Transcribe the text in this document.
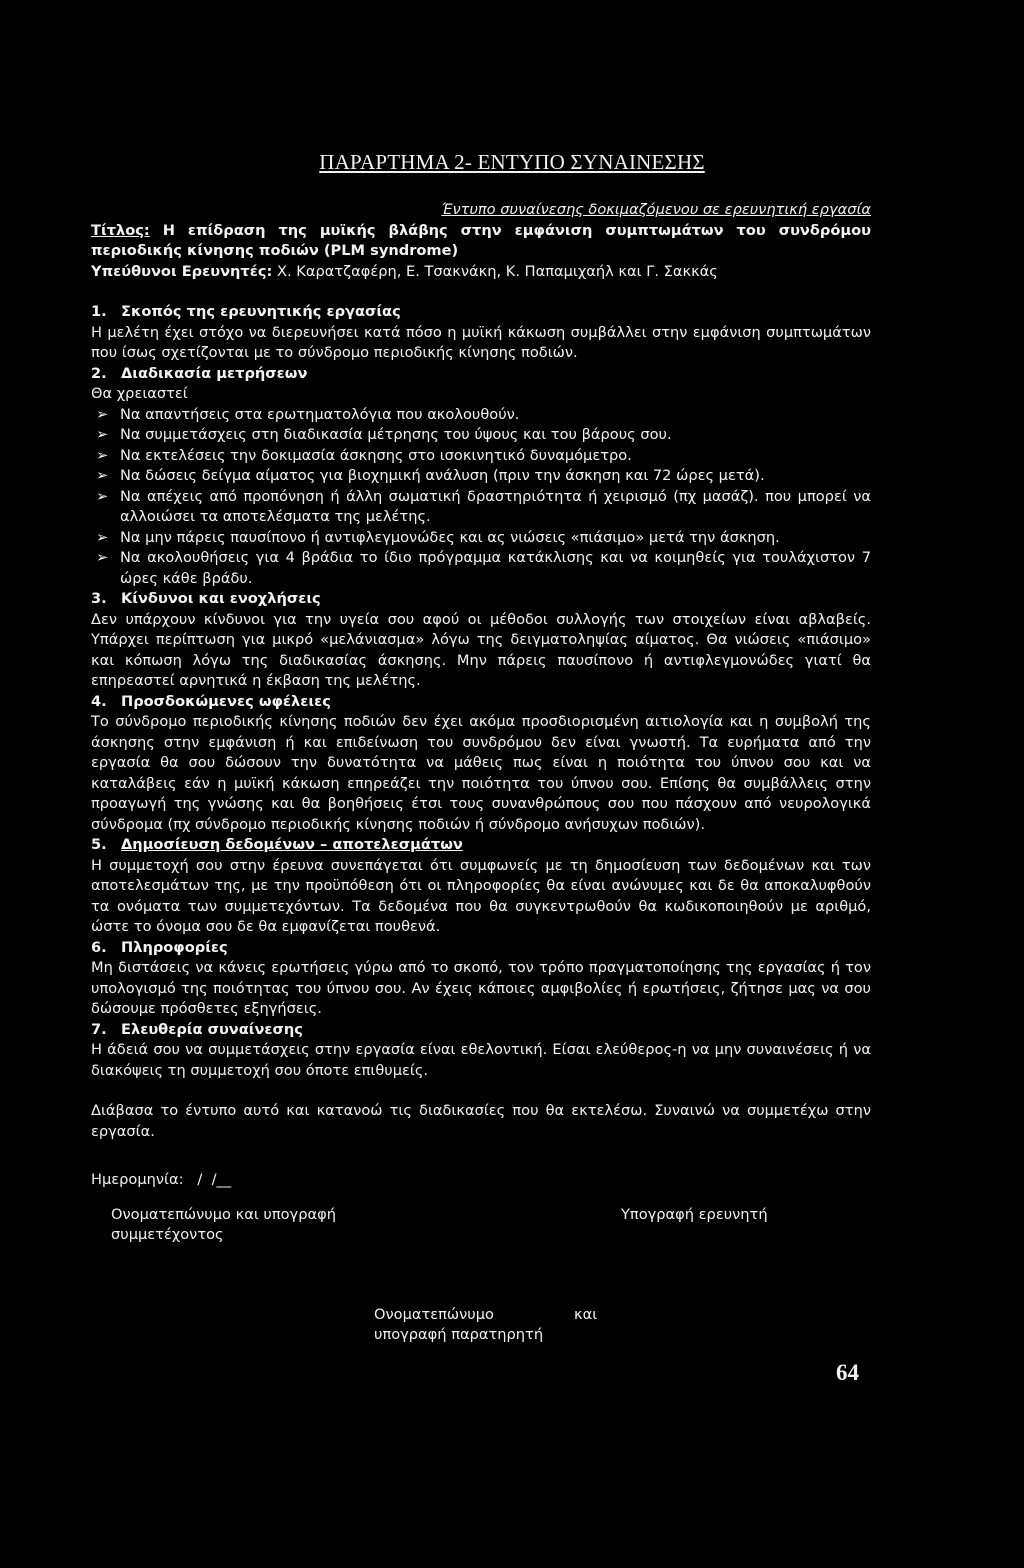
ΠΑΡΑΡΤΗΜΑ 2- ΕΝΤΥΠΟ ΣΥΝΑΙΝΕΣΗΣ

Έντυπο συναίνεσης δοκιμαζόμενου σε ερευνητική εργασία

Τίτλος: Η επίδραση της μυϊκής βλάβης στην εμφάνιση συμπτωμάτων του συνδρόμου περιοδικής κίνησης ποδιών (PLM syndrome)

Υπεύθυνοι Ερευνητές: Χ. Καρατζαφέρη, Ε. Τσακνάκη, Κ. Παπαμιχαήλ και Γ. Σακκάς

1. Σκοπός της ερευνητικής εργασίας

Η μελέτη έχει στόχο να διερευνήσει κατά πόσο η μυϊκή κάκωση συμβάλλει στην εμφάνιση συμπτωμάτων που ίσως σχετίζονται με το σύνδρομο περιοδικής κίνησης ποδιών.

2. Διαδικασία μετρήσεων

Θα χρειαστεί

➢ Να απαντήσεις στα ερωτηματολόγια που ακολουθούν.
➢ Να συμμετάσχεις στη διαδικασία μέτρησης του ύψους και του βάρους σου.
➢ Να εκτελέσεις την δοκιμασία άσκησης στο ισοκινητικό δυναμόμετρο.
➢ Να δώσεις δείγμα αίματος για βιοχημική ανάλυση (πριν την άσκηση και 72 ώρες μετά).
➢ Να απέχεις από προπόνηση ή άλλη σωματική δραστηριότητα ή χειρισμό (πχ μασάζ). που μπορεί να αλλοιώσει τα αποτελέσματα της μελέτης.
➢ Να μην πάρεις παυσίπονο ή αντιφλεγμονώδες και ας νιώσεις «πιάσιμο» μετά την άσκηση.
➢ Να ακολουθήσεις για 4 βράδια το ίδιο πρόγραμμα κατάκλισης και να κοιμηθείς για τουλάχιστον 7 ώρες κάθε βράδυ.

3. Κίνδυνοι και ενοχλήσεις

Δεν υπάρχουν κίνδυνοι για την υγεία σου αφού οι μέθοδοι συλλογής των στοιχείων είναι αβλαβείς. Υπάρχει περίπτωση για μικρό «μελάνιασμα» λόγω της δειγματοληψίας αίματος. Θα νιώσεις «πιάσιμο» και κόπωση λόγω της διαδικασίας άσκησης. Μην πάρεις παυσίπονο ή αντιφλεγμονώδες γιατί θα επηρεαστεί αρνητικά η έκβαση της μελέτης.

4. Προσδοκώμενες ωφέλειες

Το σύνδρομο περιοδικής κίνησης ποδιών δεν έχει ακόμα προσδιορισμένη αιτιολογία και η συμβολή της άσκησης στην εμφάνιση ή και επιδείνωση του συνδρόμου δεν είναι γνωστή. Τα ευρήματα από την εργασία θα σου δώσουν την δυνατότητα να μάθεις πως είναι η ποιότητα του ύπνου σου και να καταλάβεις εάν η μυϊκή κάκωση επηρεάζει την ποιότητα του ύπνου σου. Επίσης θα συμβάλλεις στην προαγωγή της γνώσης και θα βοηθήσεις έτσι τους συνανθρώπους σου που πάσχουν από νευρολογικά σύνδρομα (πχ σύνδρομο περιοδικής κίνησης ποδιών ή σύνδρομο ανήσυχων ποδιών).

5. Δημοσίευση δεδομένων – αποτελεσμάτων

Η συμμετοχή σου στην έρευνα συνεπάγεται ότι συμφωνείς με τη δημοσίευση των δεδομένων και των αποτελεσμάτων της, με την προϋπόθεση ότι οι πληροφορίες θα είναι ανώνυμες και δε θα αποκαλυφθούν τα ονόματα των συμμετεχόντων. Τα δεδομένα που θα συγκεντρωθούν θα κωδικοποιηθούν με αριθμό, ώστε το όνομα σου δε θα εμφανίζεται πουθενά.

6. Πληροφορίες

Μη διστάσεις να κάνεις ερωτήσεις γύρω από το σκοπό, τον τρόπο πραγματοποίησης της εργασίας ή τον υπολογισμό της ποιότητας του ύπνου σου. Αν έχεις κάποιες αμφιβολίες ή ερωτήσεις, ζήτησε μας να σου δώσουμε πρόσθετες εξηγήσεις.

7. Ελευθερία συναίνεσης

Η άδειά σου να συμμετάσχεις στην εργασία είναι εθελοντική. Είσαι ελεύθερος-η να μην συναινέσεις ή να διακόψεις τη συμμετοχή σου όποτε επιθυμείς.

Διάβασα το έντυπο αυτό και κατανοώ τις διαδικασίες που θα εκτελέσω. Συναινώ να συμμετέχω στην εργασία.

Ημερομηνία:   /  /__

Ονοματεπώνυμο και υπογραφή
συμμετέχοντος
Υπογραφή ερευνητή
Ονοματεπώνυμο	και
υπογραφή παρατηρητή
64
